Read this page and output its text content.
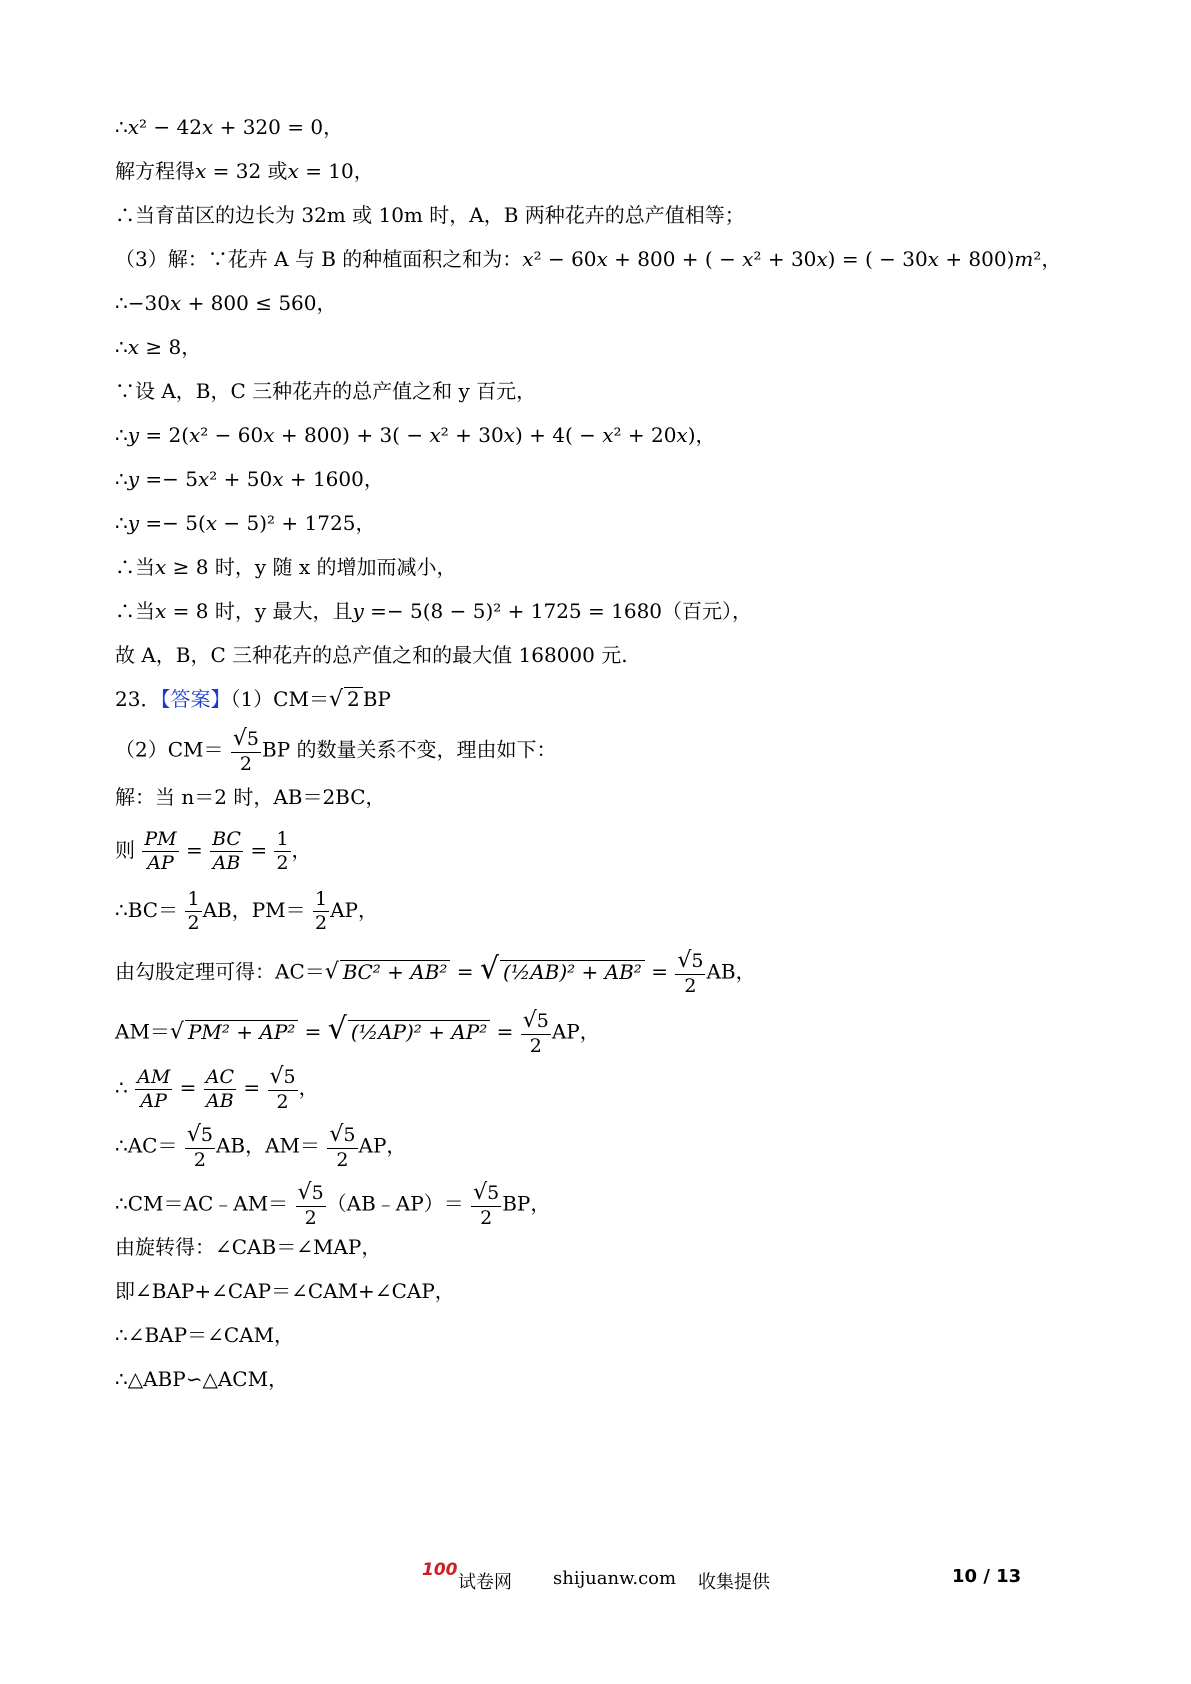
∴𝑥² − 42𝑥 + 320 = 0，
解方程得𝑥 = 32 或𝑥 = 10，
∴当育苗区的边长为 32m 或 10m 时，A，B 两种花卉的总产值相等；
（3）解：∵花卉 A 与 B 的种植面积之和为：𝑥² − 60𝑥 + 800 + ( − 𝑥² + 30𝑥) = ( − 30𝑥 + 800)𝑚²，
∴−30𝑥 + 800 ≤ 560，
∴𝑥 ≥ 8，
∵设 A，B，C 三种花卉的总产值之和 y 百元，
∴𝑦 = 2(𝑥² − 60𝑥 + 800) + 3( − 𝑥² + 30𝑥) + 4( − 𝑥² + 20𝑥)，
∴𝑦 =− 5𝑥² + 50𝑥 + 1600，
∴𝑦 =− 5(𝑥 − 5)² + 1725，
∴当𝑥 ≥ 8 时，y 随 x 的增加而减小，
∴当𝑥 = 8 时，y 最大，且𝑦 =− 5(8 − 5)² + 1725 = 1680（百元），
故 A，B，C 三种花卉的总产值之和的最大值 168000 元.
23．【答案】（1）CM＝√ 2 BP
$(2)CM= \frac{√5}{2}$ BP 的数量关系不变，理由如下：
解：当 n＝2 时，AB＝2BC，
则 $\frac{PM}{AP} = \frac{BC}{AB} = \frac{1}{2}$ ，
∴BC＝ $\frac{1}{2}$ AB，$PM= \frac{1}{2}$ AP，
由勾股定理可得：AC＝√ 𝐵𝐶² + 𝐴𝐵² = √ (½𝐴𝐵)² + 𝐴𝐵² = $\frac{√5}{2}$ AB，
AM＝√ 𝑃𝑀² + 𝐴𝑃² = √ (½𝐴𝑃)² + 𝐴𝑃² = $\frac{√5}{2}$ AP，
∴ $\frac{AM}{AP} = \frac{AC}{AB} = \frac{√5}{2}$ ，
∴AC＝ $\frac{√5}{2}$ AB，$AM= \frac{√5}{2}$ AP，
∴CM＝AC﹣AM＝ $\frac{√5}{2}$ （AB﹣AP）＝ $\frac{√5}{2}$ BP，
由旋转得：∠CAB＝∠MAP，
即∠BAP+∠CAP＝∠CAM+∠CAP，
∴∠BAP＝∠CAM，
∴△ABP∽△ACM，
100
试卷网 shijuanw.com 收集提供	10 / 13
